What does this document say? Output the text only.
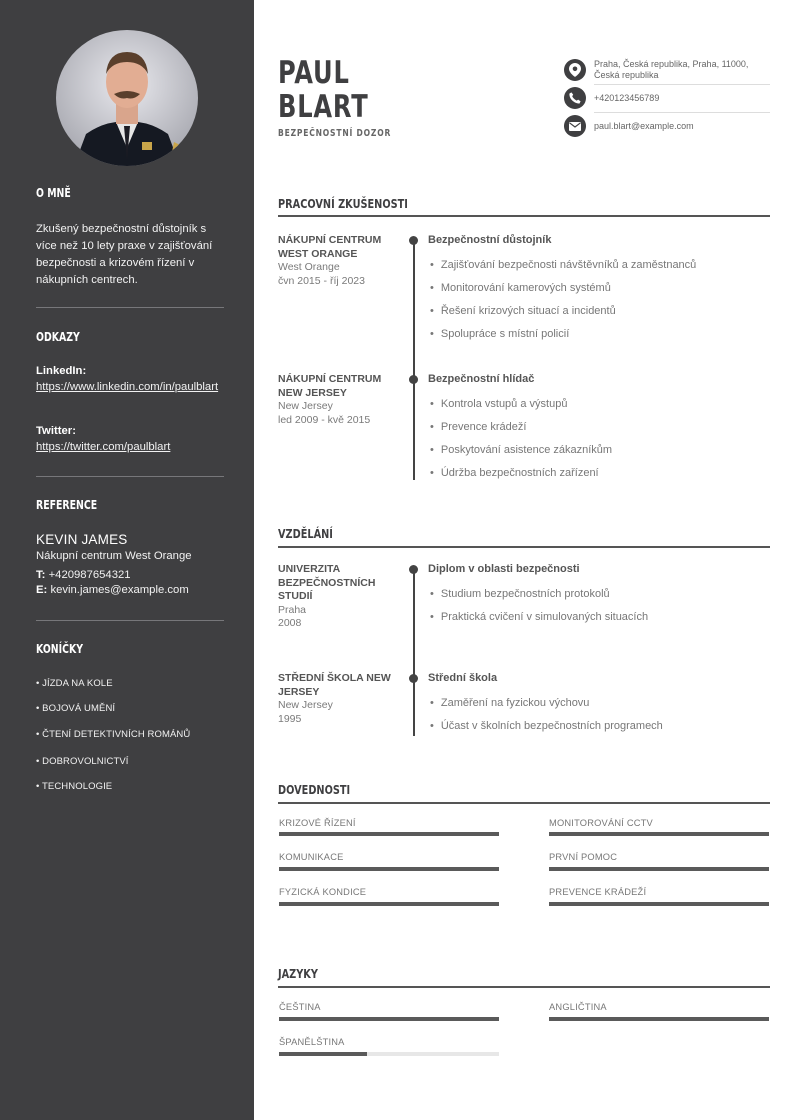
O MNĚ
Zkušený bezpečnostní důstojník s více než 10 lety praxe v zajišťování bezpečnosti a krizovém řízení v nákupních centrech.
ODKAZY
LinkedIn:
https://www.linkedin.com/in/paulblart
Twitter:
https://twitter.com/paulblart
REFERENCE
KEVIN JAMES
Nákupní centrum West Orange
T: +420987654321
E: kevin.james@example.com
KONÍČKY
• JÍZDA NA KOLE
• BOJOVÁ UMĚNÍ
• ČTENÍ DETEKTIVNÍCH ROMÁNŮ
• DOBROVOLNICTVÍ
• TECHNOLOGIE
PAUL
BLART
BEZPEČNOSTNÍ DOZOR
Praha, Česká republika, Praha, 11000, Česká republika
+420123456789
paul.blart@example.com
PRACOVNÍ ZKUŠENOSTI
NÁKUPNÍ CENTRUM WEST ORANGE
West Orange
čvn 2015 - říj 2023
Bezpečnostní důstojník
• Zajišťování bezpečnosti návštěvníků a zaměstnanců
• Monitorování kamerových systémů
• Řešení krizových situací a incidentů
• Spolupráce s místní policií
NÁKUPNÍ CENTRUM NEW JERSEY
New Jersey
led 2009 - kvě 2015
Bezpečnostní hlídač
• Kontrola vstupů a výstupů
• Prevence krádeží
• Poskytování asistence zákazníkům
• Údržba bezpečnostních zařízení
VZDĚLÁNÍ
UNIVERZITA BEZPEČNOSTNÍCH STUDIÍ
Praha
2008
Diplom v oblasti bezpečnosti
• Studium bezpečnostních protokolů
• Praktická cvičení v simulovaných situacích
STŘEDNÍ ŠKOLA NEW JERSEY
New Jersey
1995
Střední škola
• Zaměření na fyzickou výchovu
• Účast v školních bezpečnostních programech
DOVEDNOSTI
KRIZOVÉ ŘÍZENÍ	MONITOROVÁNÍ CCTV
KOMUNIKACE	PRVNÍ POMOC
FYZICKÁ KONDICE	PREVENCE KRÁDEŽÍ
JAZYKY
ČEŠTINA	ANGLIČTINA
ŠPANĚLŠTINA
